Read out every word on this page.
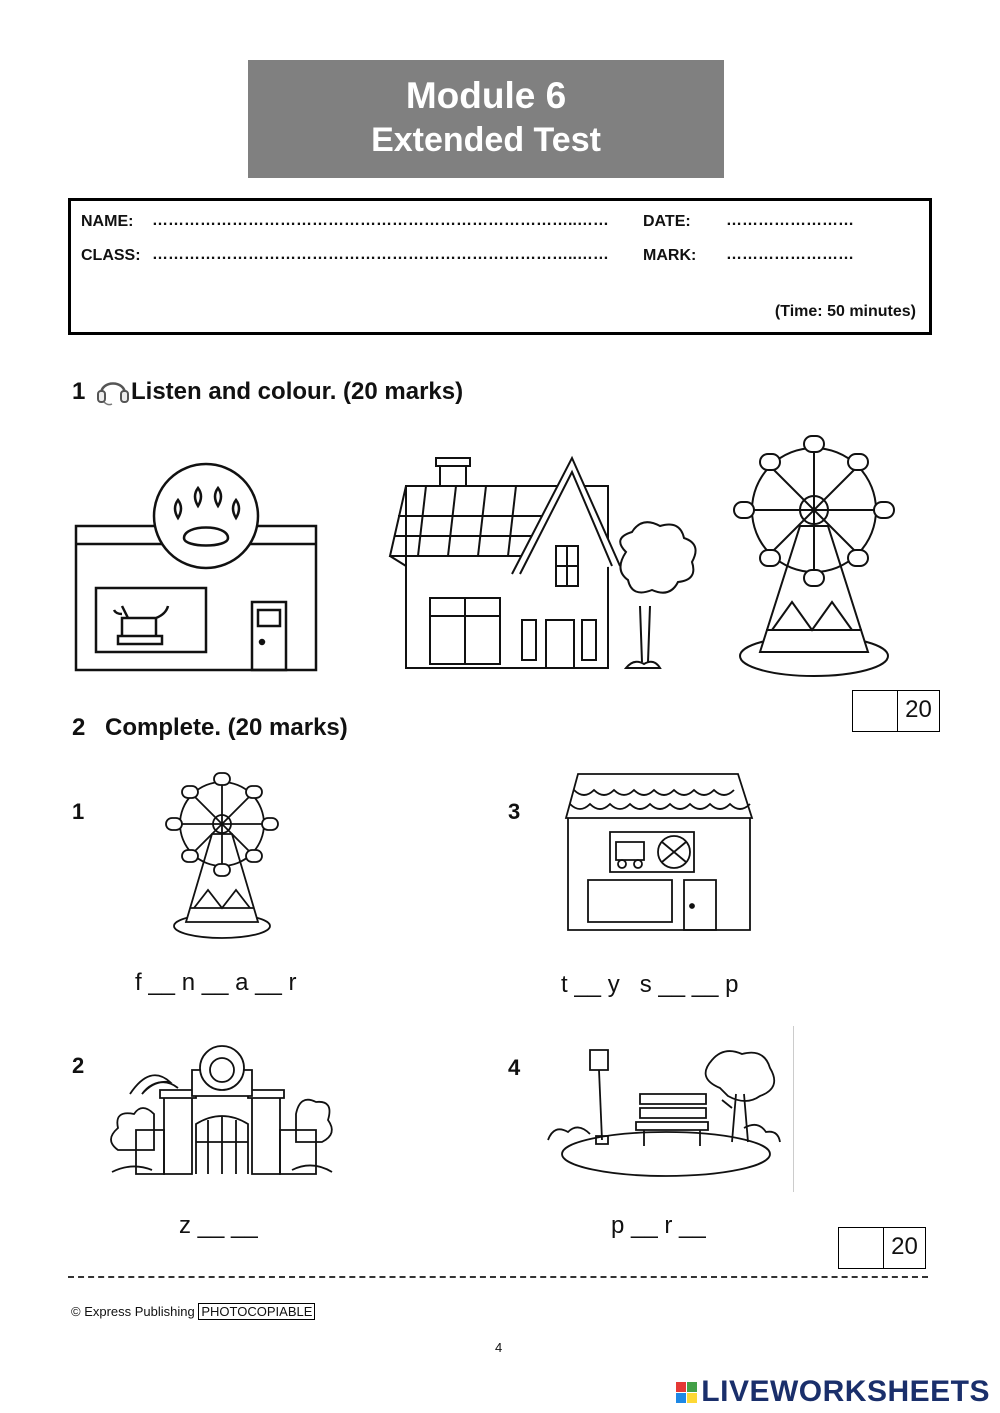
Module 6
Extended Test
NAME: ……………………………………………………………………..……	DATE: ……………………
CLASS: ……………………………………………………………………..……	MARK: ……………………
(Time: 50 minutes)
1 Listen and colour. (20 marks)
20
2 Complete. (20 marks)
1
f __ n __ a __ r
3
t __ y   s __ __ p
2
z __ __
4
p __ r __
20
© Express Publishing PHOTOCOPIABLE
4
LIVEWORKSHEETS
